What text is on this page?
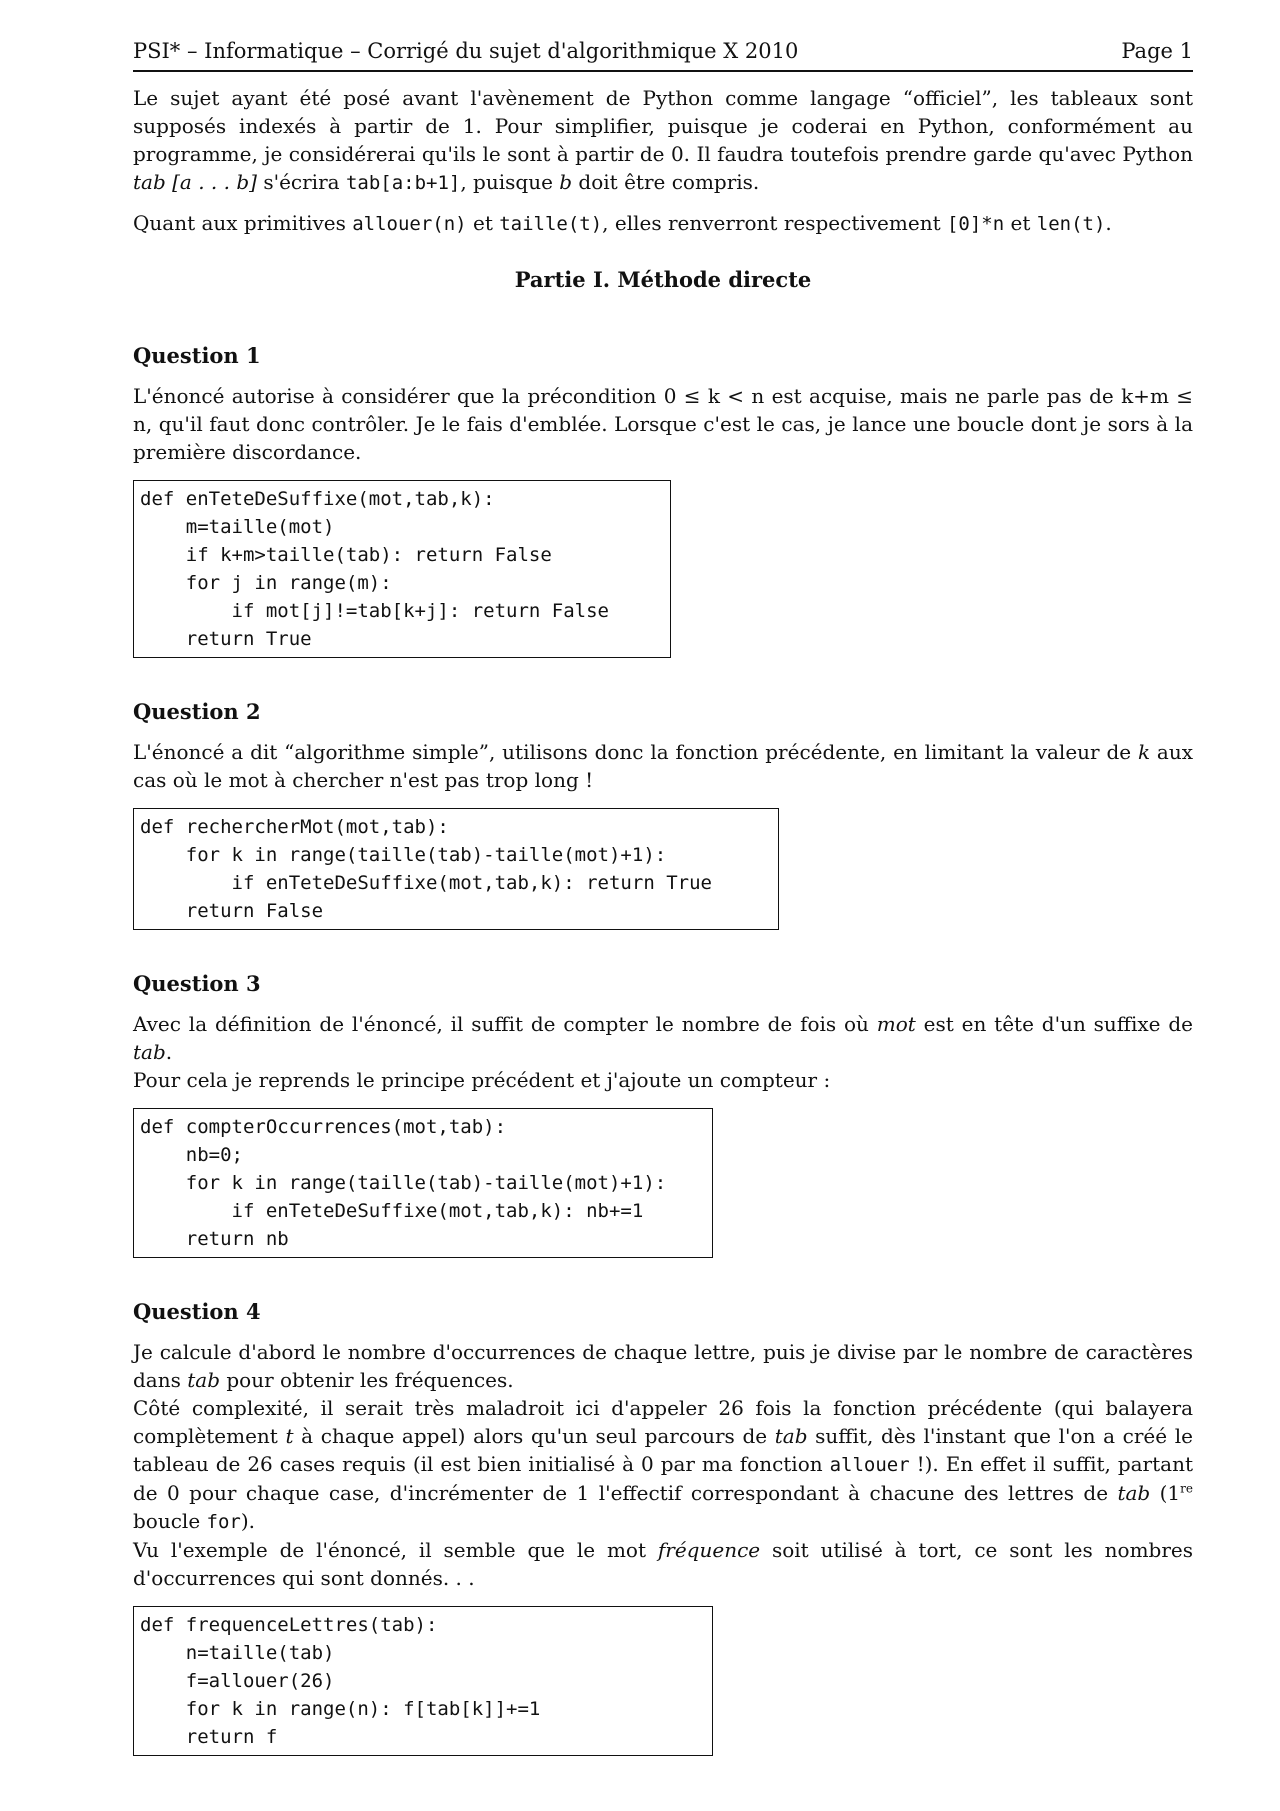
PSI* – Informatique – Corrigé du sujet d'algorithmique X 2010	Page 1

Le sujet ayant été posé avant l'avènement de Python comme langage “officiel”, les tableaux sont supposés indexés à partir de 1. Pour simplifier, puisque je coderai en Python, conformément au programme, je considérerai qu'ils le sont à partir de 0. Il faudra toutefois prendre garde qu'avec Python tab [a . . . b] s'écrira tab[a:b+1], puisque b doit être compris.

Quant aux primitives allouer(n) et taille(t), elles renverront respectivement [0]*n et len(t).

Partie I. Méthode directe
Question 1

L'énoncé autorise à considérer que la précondition 0 ≤ k < n est acquise, mais ne parle pas de k+m ≤ n, qu'il faut donc contrôler. Je le fais d'emblée. Lorsque c'est le cas, je lance une boucle dont je sors à la première discordance.

def enTeteDeSuffixe(mot,tab,k):
m=taille(mot)
if k+m>taille(tab): return False
for j in range(m):
if mot[j]!=tab[k+j]: return False
return True
Question 2

L'énoncé a dit “algorithme simple”, utilisons donc la fonction précédente, en limitant la valeur de k aux cas où le mot à chercher n'est pas trop long !

def rechercherMot(mot,tab):
for k in range(taille(tab)-taille(mot)+1):
if enTeteDeSuffixe(mot,tab,k): return True
return False
Question 3

Avec la définition de l'énoncé, il suffit de compter le nombre de fois où mot est en tête d'un suffixe de tab.

Pour cela je reprends le principe précédent et j'ajoute un compteur :

def compterOccurrences(mot,tab):
nb=0;
for k in range(taille(tab)-taille(mot)+1):
if enTeteDeSuffixe(mot,tab,k): nb+=1
return nb
Question 4

Je calcule d'abord le nombre d'occurrences de chaque lettre, puis je divise par le nombre de caractères dans tab pour obtenir les fréquences.

Côté complexité, il serait très maladroit ici d'appeler 26 fois la fonction précédente (qui balayera complètement t à chaque appel) alors qu'un seul parcours de tab suffit, dès l'instant que l'on a créé le tableau de 26 cases requis (il est bien initialisé à 0 par ma fonction allouer !). En effet il suffit, partant de 0 pour chaque case, d'incrémenter de 1 l'effectif correspondant à chacune des lettres de tab (1re boucle for).

Vu l'exemple de l'énoncé, il semble que le mot fréquence soit utilisé à tort, ce sont les nombres d'occurrences qui sont donnés. . .

def frequenceLettres(tab):
n=taille(tab)
f=allouer(26)
for k in range(n): f[tab[k]]+=1
return f
